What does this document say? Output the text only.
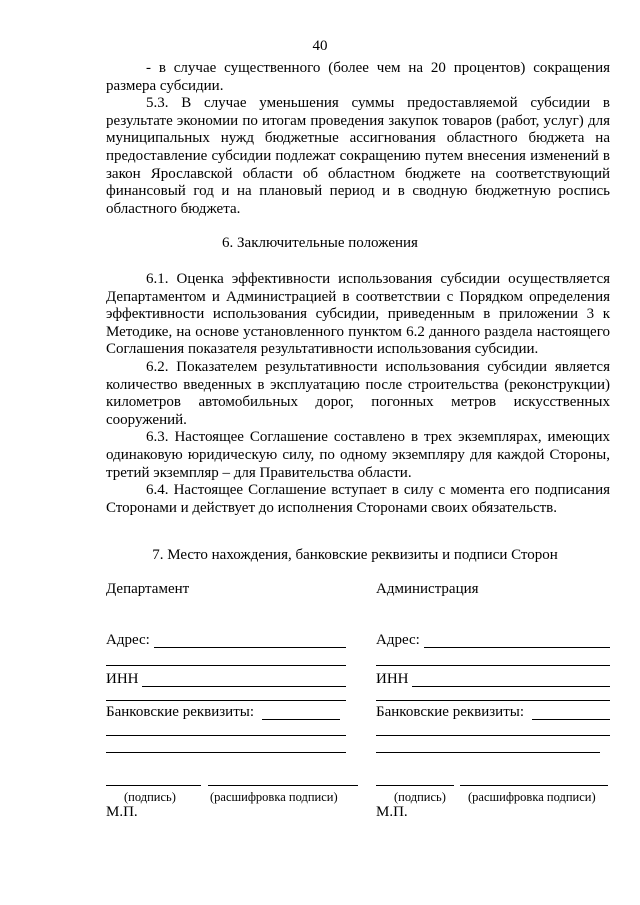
40

- в случае существенного (более чем на 20 процентов) сокращения размера субсидии.

5.3. В случае уменьшения суммы предоставляемой субсидии в результате экономии по итогам проведения закупок товаров (работ, услуг) для муниципальных нужд бюджетные ассигнования областного бюджета на предоставление субсидии подлежат сокращению путем внесения изменений в закон Ярославской области об областном бюджете на соответствующий финансовый год и на плановый период и в сводную бюджетную роспись областного бюджета.

6. Заключительные положения

6.1. Оценка эффективности использования субсидии осуществляется Департаментом и Администрацией в соответствии с Порядком определения эффективности использования субсидии, приведенным в приложении 3 к Методике, на основе установленного пунктом 6.2 данного раздела настоящего Соглашения показателя результативности использования субсидии.

6.2. Показателем результативности использования субсидии является количество введенных в эксплуатацию после строительства (реконструкции) километров автомобильных дорог, погонных метров искусственных сооружений.

6.3. Настоящее Соглашение составлено в трех экземплярах, имеющих одинаковую юридическую силу, по одному экземпляру для каждой Стороны, третий экземпляр – для Правительства области.

6.4. Настоящее Соглашение вступает в силу с момента его подписания Сторонами и действует до исполнения Сторонами своих обязательств.

7. Место нахождения, банковские реквизиты и подписи Сторон
Департамент
Адрес:
ИНН
Банковские реквизиты:
(подпись)	(расшифровка подписи)
М.П.
Администрация
Адрес:
ИНН
Банковские реквизиты:
(подпись) (расшифровка подписи)
М.П.
